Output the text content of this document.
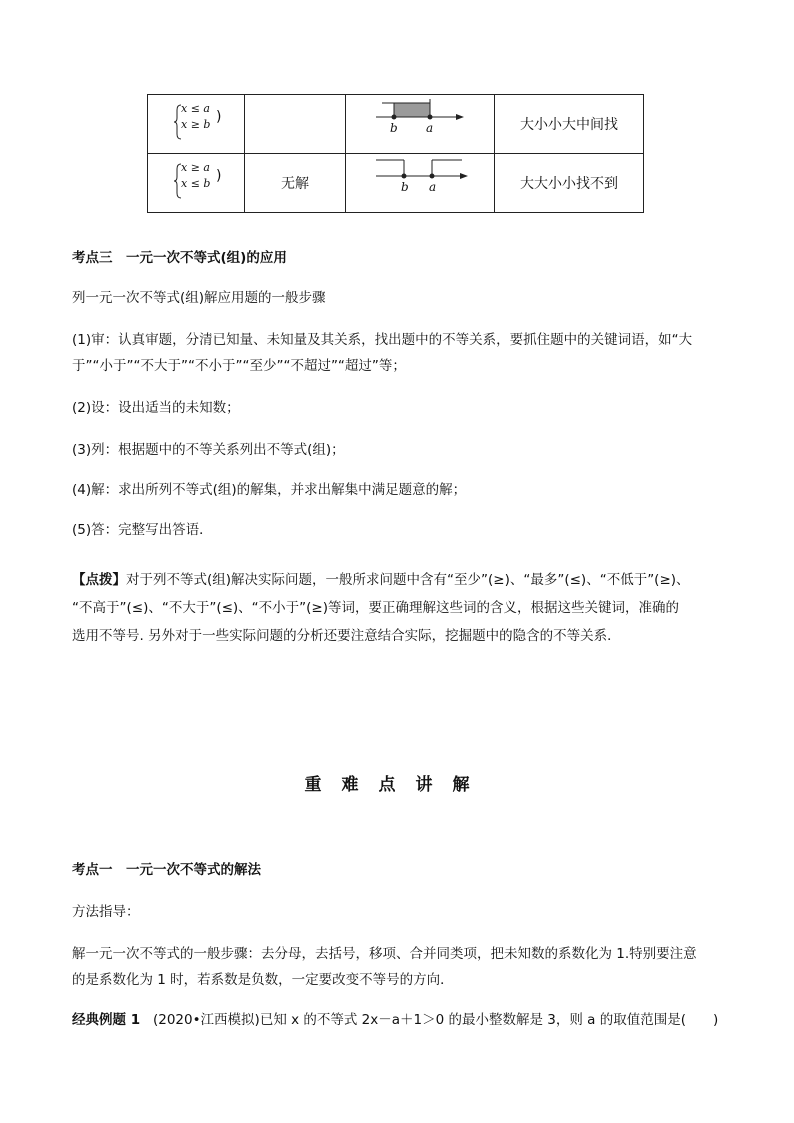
x ≤ a
x ≥ b )		b a	大小小大中间找

x ≥ a
x ≤ b )	无解	b a	大大小小找不到
考点三　一元一次不等式(组)的应用
列一元一次不等式(组)解应用题的一般步骤
(1)审：认真审题，分清已知量、未知量及其关系，找出题中的不等关系，要抓住题中的关键词语，如“大
于”“小于”“不大于”“不小于”“至少”“不超过”“超过”等；
(2)设：设出适当的未知数；
(3)列：根据题中的不等关系列出不等式(组)；
(4)解：求出所列不等式(组)的解集，并求出解集中满足题意的解；
(5)答：完整写出答语．
【点拨】对于列不等式(组)解决实际问题，一般所求问题中含有“至少”(≥)、“最多”(≤)、“不低于”(≥)、
“不高于”(≤)、“不大于”(≤)、“不小于”(≥)等词，要正确理解这些词的含义，根据这些关键词，准确的
选用不等号. 另外对于一些实际问题的分析还要注意结合实际，挖掘题中的隐含的不等关系．
重难点讲解
考点一　一元一次不等式的解法
方法指导：
解一元一次不等式的一般步骤：去分母，去括号，移项、合并同类项，把未知数的系数化为 1.特别要注意
的是系数化为 1 时，若系数是负数，一定要改变不等号的方向．
经典例题 1 (2020•江西模拟)已知 x 的不等式 2x－a＋1＞0 的最小整数解是 3，则 a 的取值范围是(　　)
